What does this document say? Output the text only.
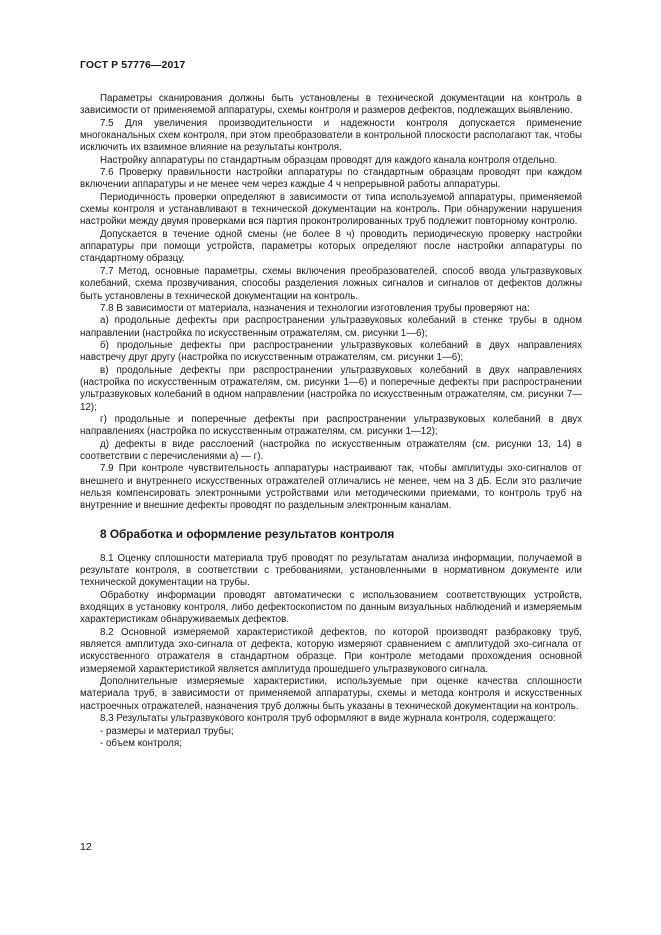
ГОСТ Р 57776—2017

Параметры сканирования должны быть установлены в технической документации на контроль в зависимости от применяемой аппаратуры, схемы контроля и размеров дефектов, подлежащих выявлению.

7.5 Для увеличения производительности и надежности контроля допускается применение многоканальных схем контроля, при этом преобразователи в контрольной плоскости располагают так, чтобы исключить их взаимное влияние на результаты контроля.

Настройку аппаратуры по стандартным образцам проводят для каждого канала контроля отдельно.

7.6 Проверку правильности настройки аппаратуры по стандартным образцам проводят при каждом включении аппаратуры и не менее чем через каждые 4 ч непрерывной работы аппаратуры.

Периодичность проверки определяют в зависимости от типа используемой аппаратуры, применяемой схемы контроля и устанавливают в технической документации на контроль. При обнаружении нарушения настройки между двумя проверками вся партия проконтролированных труб подлежит повторному контролю.

Допускается в течение одной смены (не более 8 ч) проводить периодическую проверку настройки аппаратуры при помощи устройств, параметры которых определяют после настройки аппаратуры по стандартному образцу.

7.7 Метод, основные параметры, схемы включения преобразователей, способ ввода ультразвуковых колебаний, схема прозвучивания, способы разделения ложных сигналов и сигналов от дефектов должны быть установлены в технической документации на контроль.

7.8 В зависимости от материала, назначения и технологии изготовления трубы проверяют на:

а) продольные дефекты при распространении ультразвуковых колебаний в стенке трубы в одном направлении (настройка по искусственным отражателям, см. рисунки 1—6);

б) продольные дефекты при распространении ультразвуковых колебаний в двух направлениях навстречу друг другу (настройка по искусственным отражателям, см. рисунки 1—6);

в) продольные дефекты при распространении ультразвуковых колебаний в двух направлениях (настройка по искусственным отражателям, см. рисунки 1—6) и поперечные дефекты при распространении ультразвуковых колебаний в одном направлении (настройка по искусственным отражателям, см. рисунки 7—12);

г) продольные и поперечные дефекты при распространении ультразвуковых колебаний в двух направлениях (настройка по искусственным отражателям, см. рисунки 1—12);

д) дефекты в виде расслоений (настройка по искусственным отражателям (см. рисунки 13, 14) в соответствии с перечислениями а) — г).

7.9 При контроле чувствительность аппаратуры настраивают так, чтобы амплитуды эхо-сигналов от внешнего и внутреннего искусственных отражателей отличались не менее, чем на 3 дБ. Если это различие нельзя компенсировать электронными устройствами или методическими приемами, то контроль труб на внутренние и внешние дефекты проводят по раздельным электронным каналам.

8 Обработка и оформление результатов контроля

8.1 Оценку сплошности материала труб проводят по результатам анализа информации, получаемой в результате контроля, в соответствии с требованиями, установленными в нормативном документе или технической документации на трубы.

Обработку информации проводят автоматически с использованием соответствующих устройств, входящих в установку контроля, либо дефектоскопистом по данным визуальных наблюдений и измеряемым характеристикам обнаруживаемых дефектов.

8.2 Основной измеряемой характеристикой дефектов, по которой производят разбраковку труб, является амплитуда эхо-сигнала от дефекта, которую измеряют сравнением с амплитудой эхо-сигнала от искусственного отражателя в стандартном образце. При контроле методами прохождения основной измеряемой характеристикой является амплитуда прошедшего ультразвукового сигнала.

Дополнительные измеряемые характеристики, используемые при оценке качества сплошности материала труб, в зависимости от применяемой аппаратуры, схемы и метода контроля и искусственных настроечных отражателей, назначения труб должны быть указаны в технической документации на контроль.

8.3 Результаты ультразвукового контроля труб оформляют в виде журнала контроля, содержащего:

- размеры и материал трубы;

- объем контроля;

12
